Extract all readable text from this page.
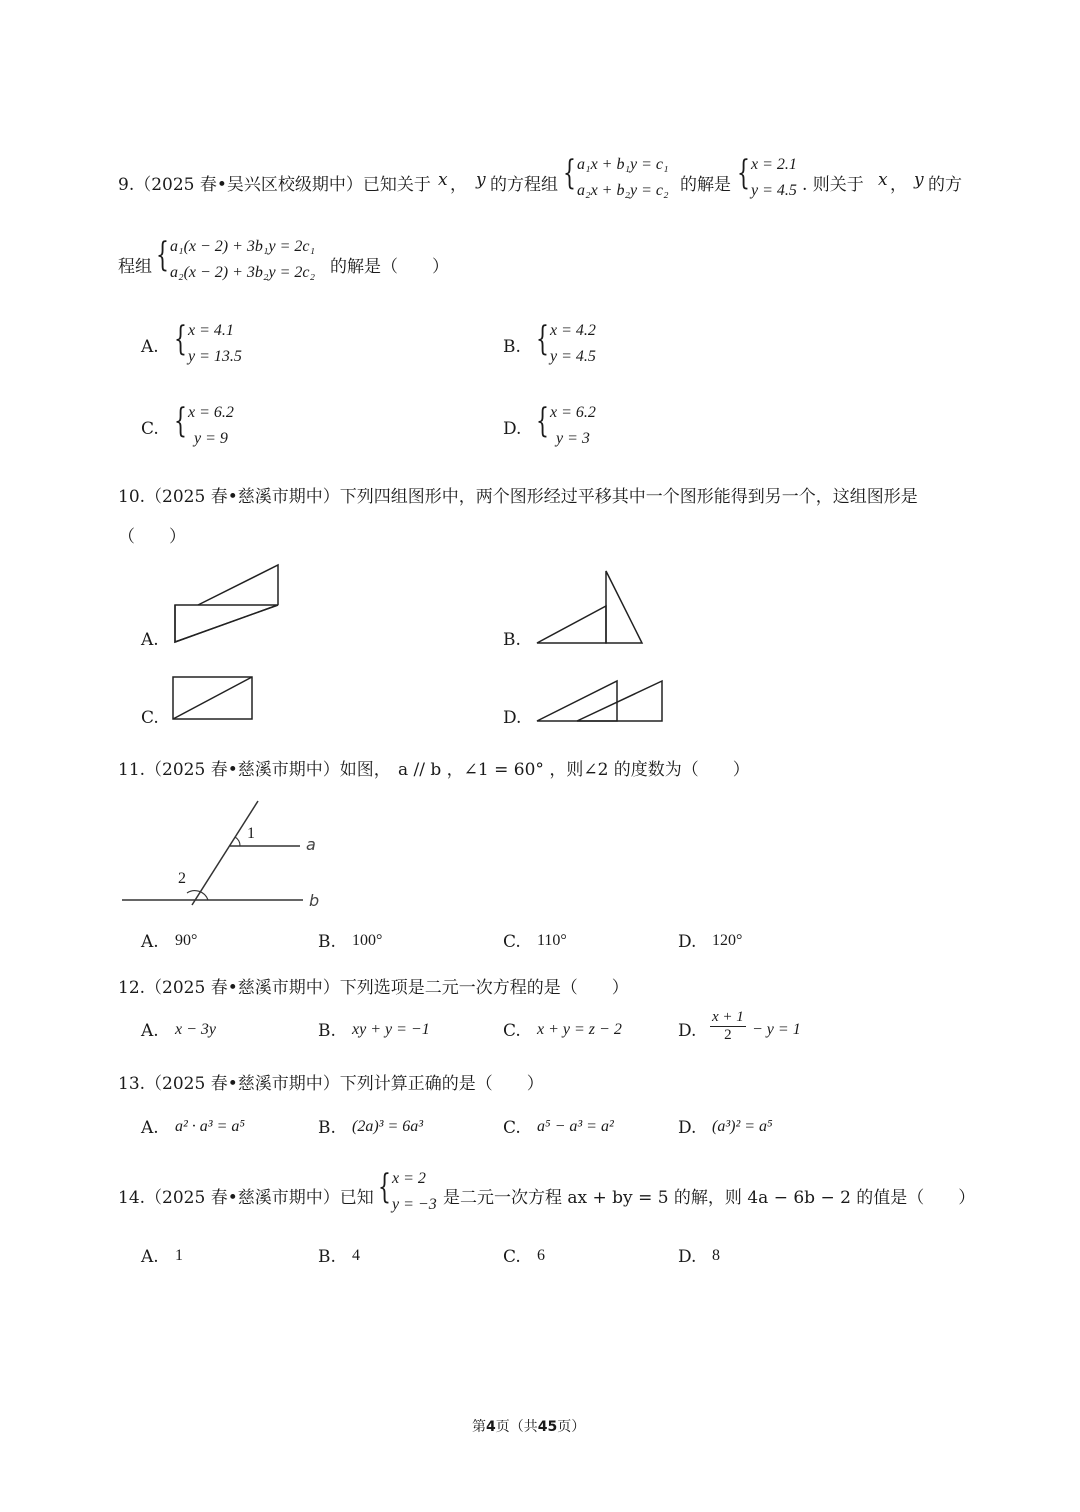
9.（2025 春•吴兴区校级期中）已知关于 x ， y 的方程组 { a₁x + b₁y = c₁
a₂x + b₂y = c₂ 的解是 { x = 2.1
y = 4.5 . 则关于 x ， y 的方
程组 { a₁(x − 2) + 3b₁y = 2c₁
a₂(x − 2) + 3b₂y = 2c₂ 的解是（　　）
A. { x = 4.1
y = 13.5	B. { x = 4.2
y = 4.5
C. { x = 6.2
y = 9	D. { x = 6.2
y = 3
10.（2025 春•慈溪市期中）下列四组图形中，两个图形经过平移其中一个图形能得到另一个，这组图形是
（　　）
A.	B.
C.	D.
11.（2025 春•慈溪市期中）如图， a // b ，∠1 = 60° ，则∠2 的度数为（　　）
1
2
a
b
A. 90°	B. 100°	C. 110°	D. 120°
12.（2025 春•慈溪市期中）下列选项是二元一次方程的是（　　）
A. x − 3y	B. xy + y = −1	C. x + y = z − 2	D. $\frac{x + 1}{2} - y = 1$
13.（2025 春•慈溪市期中）下列计算正确的是（　　）
A. a² · a³ = a⁵	B. (2a)³ = 6a³	C. a⁵ − a³ = a²	D. (a³)² = a⁵
14.（2025 春•慈溪市期中）已知 { x = 2
y = −3 是二元一次方程 ax + by = 5 的解，则 4a − 6b − 2 的值是（　　）
A. 1	B. 4	C. 6	D. 8
第4页（共45页）
